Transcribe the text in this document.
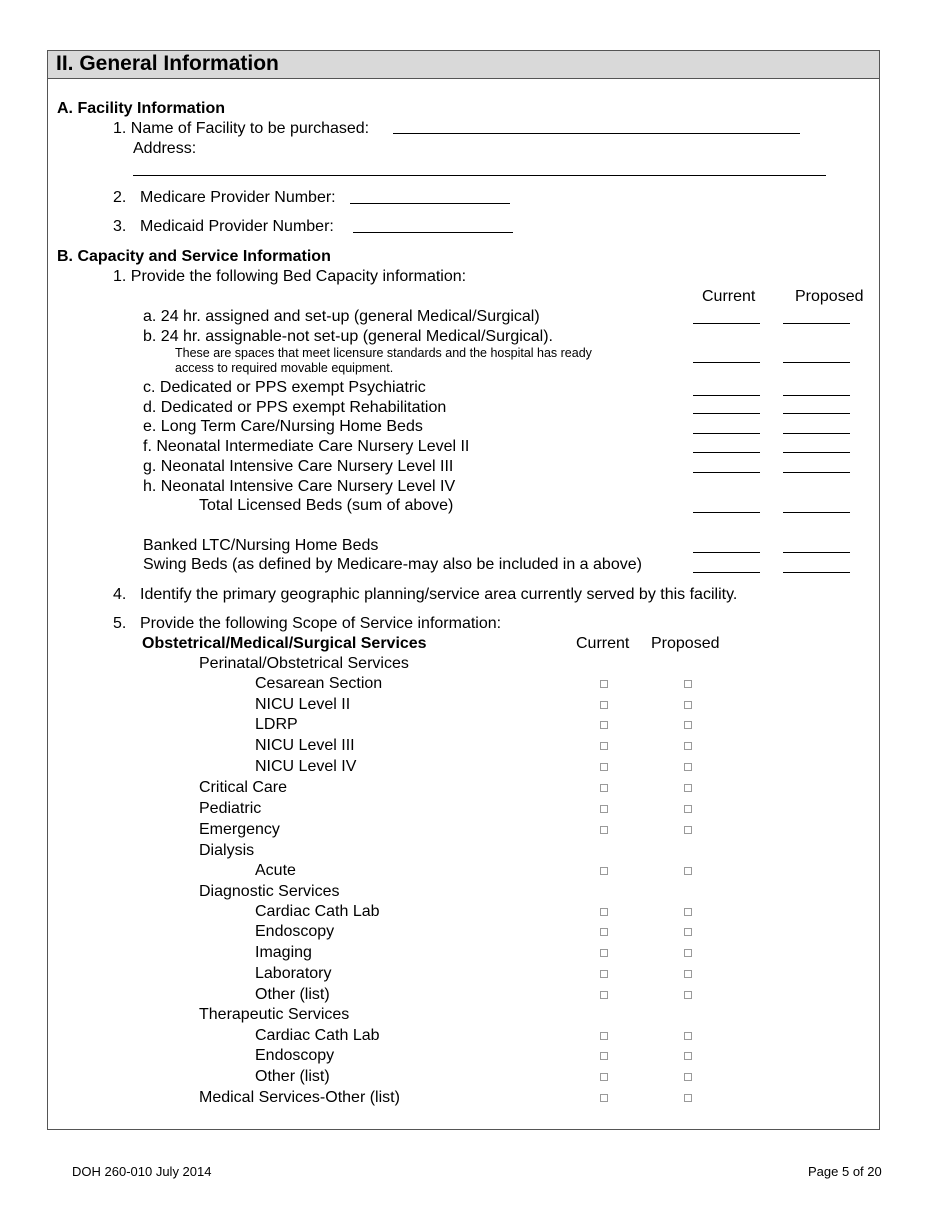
II. General Information
A. Facility Information
1. Name of Facility to be purchased:
Address:
2. Medicare Provider Number:
3. Medicaid Provider Number:
B. Capacity and Service Information
1. Provide the following Bed Capacity information:
Current Proposed
a. 24 hr. assigned and set-up (general Medical/Surgical)
b. 24 hr. assignable-not set-up (general Medical/Surgical).
c. Dedicated or PPS exempt Psychiatric
d. Dedicated or PPS exempt Rehabilitation
e. Long Term Care/Nursing Home Beds
f. Neonatal Intermediate Care Nursery Level II
g. Neonatal Intensive Care Nursery Level III
h. Neonatal Intensive Care Nursery Level IV
These are spaces that meet licensure standards and the hospital has ready
access to required movable equipment.
Total Licensed Beds (sum of above)
Banked LTC/Nursing Home Beds
Swing Beds (as defined by Medicare-may also be included in a above)
4. Identify the primary geographic planning/service area currently served by this facility.
5. Provide the following Scope of Service information:
Obstetrical/Medical/Surgical Services	Current Proposed
Perinatal/Obstetrical Services
Cesarean Section
NICU Level II
LDRP
NICU Level III
NICU Level IV
Critical Care
Pediatric
Emergency
Dialysis
Acute
Diagnostic Services
Cardiac Cath Lab
Endoscopy
Imaging
Laboratory
Other (list)
Therapeutic Services
Cardiac Cath Lab
Endoscopy
Other (list)
Medical Services-Other (list)
DOH 260-010 July 2014	Page 5 of 20
